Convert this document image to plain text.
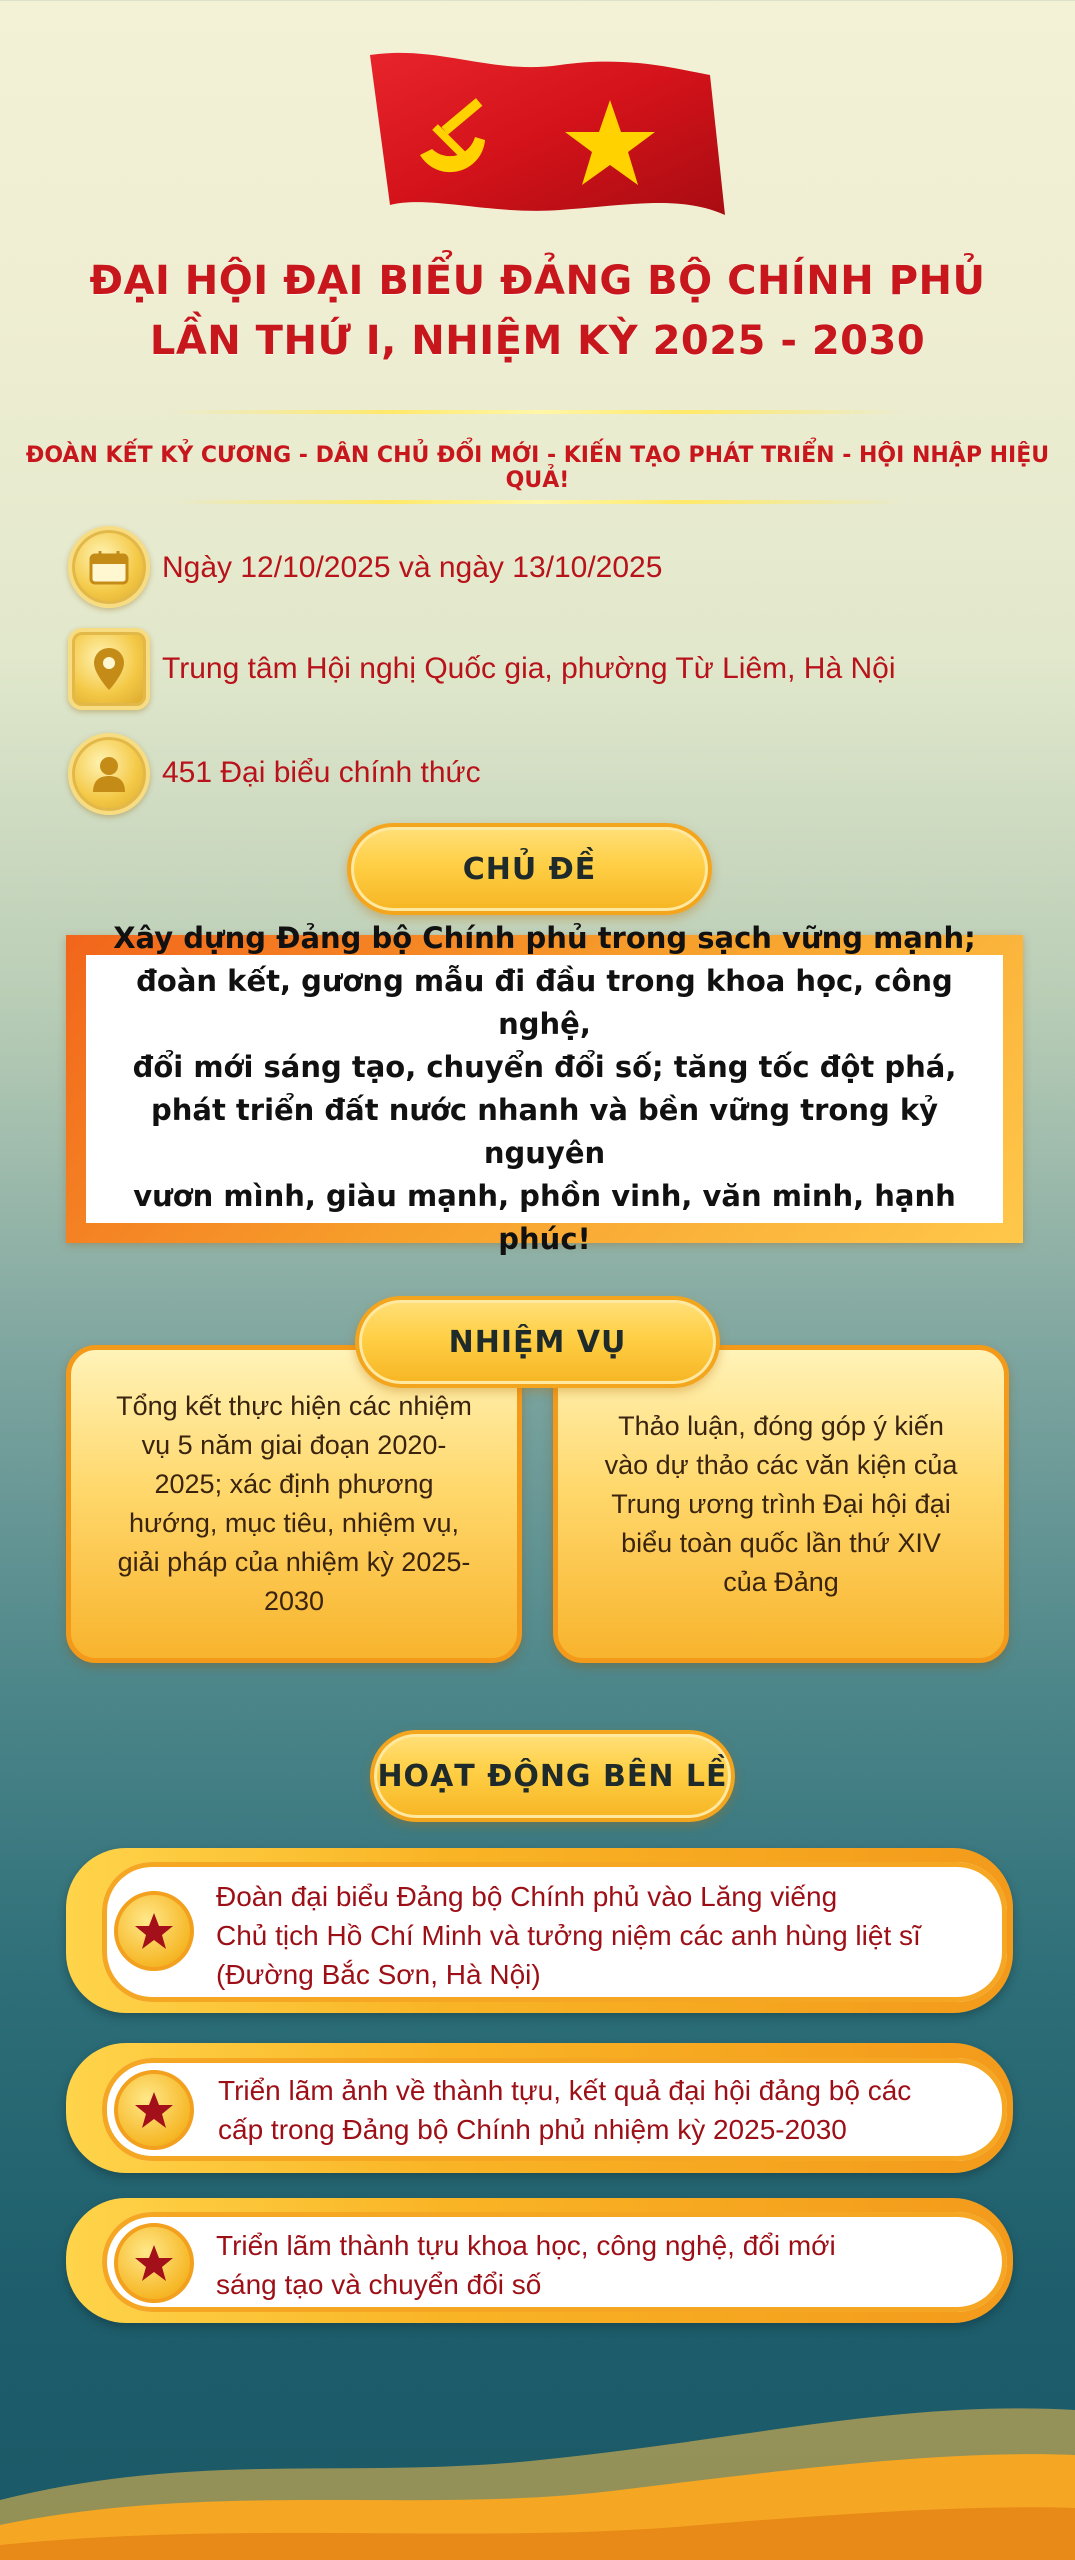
ĐẠI HỘI ĐẠI BIỂU ĐẢNG BỘ CHÍNH PHỦ
LẦN THỨ I, NHIỆM KỲ 2025 - 2030
ĐOÀN KẾT KỶ CƯƠNG - DÂN CHỦ ĐỔI MỚI - KIẾN TẠO PHÁT TRIỂN - HỘI NHẬP HIỆU QUẢ!
Ngày 12/10/2025 và ngày 13/10/2025
Trung tâm Hội nghị Quốc gia, phường Từ Liêm, Hà Nội
451 Đại biểu chính thức
CHỦ ĐỀ
Xây dựng Đảng bộ Chính phủ trong sạch vững mạnh;
đoàn kết, gương mẫu đi đầu trong khoa học, công nghệ,
đổi mới sáng tạo, chuyển đổi số; tăng tốc đột phá,
phát triển đất nước nhanh và bền vững trong kỷ nguyên
vươn mình, giàu mạnh, phồn vinh, văn minh, hạnh phúc!
Tổng kết thực hiện các nhiệm vụ 5 năm giai đoạn 2020-2025; xác định phương hướng, mục tiêu, nhiệm vụ, giải pháp của nhiệm kỳ 2025-2030
Thảo luận, đóng góp ý kiến vào dự thảo các văn kiện của Trung ương trình Đại hội đại biểu toàn quốc lần thứ XIV của Đảng
NHIỆM VỤ
HOẠT ĐỘNG BÊN LỀ
Đoàn đại biểu Đảng bộ Chính phủ vào Lăng viếng
Chủ tịch Hồ Chí Minh và tưởng niệm các anh hùng liệt sĩ
(Đường Bắc Sơn, Hà Nội)
Triển lãm ảnh về thành tựu, kết quả đại hội đảng bộ các
cấp trong Đảng bộ Chính phủ nhiệm kỳ 2025-2030
Triển lãm thành tựu khoa học, công nghệ, đổi mới
sáng tạo và chuyển đổi số
